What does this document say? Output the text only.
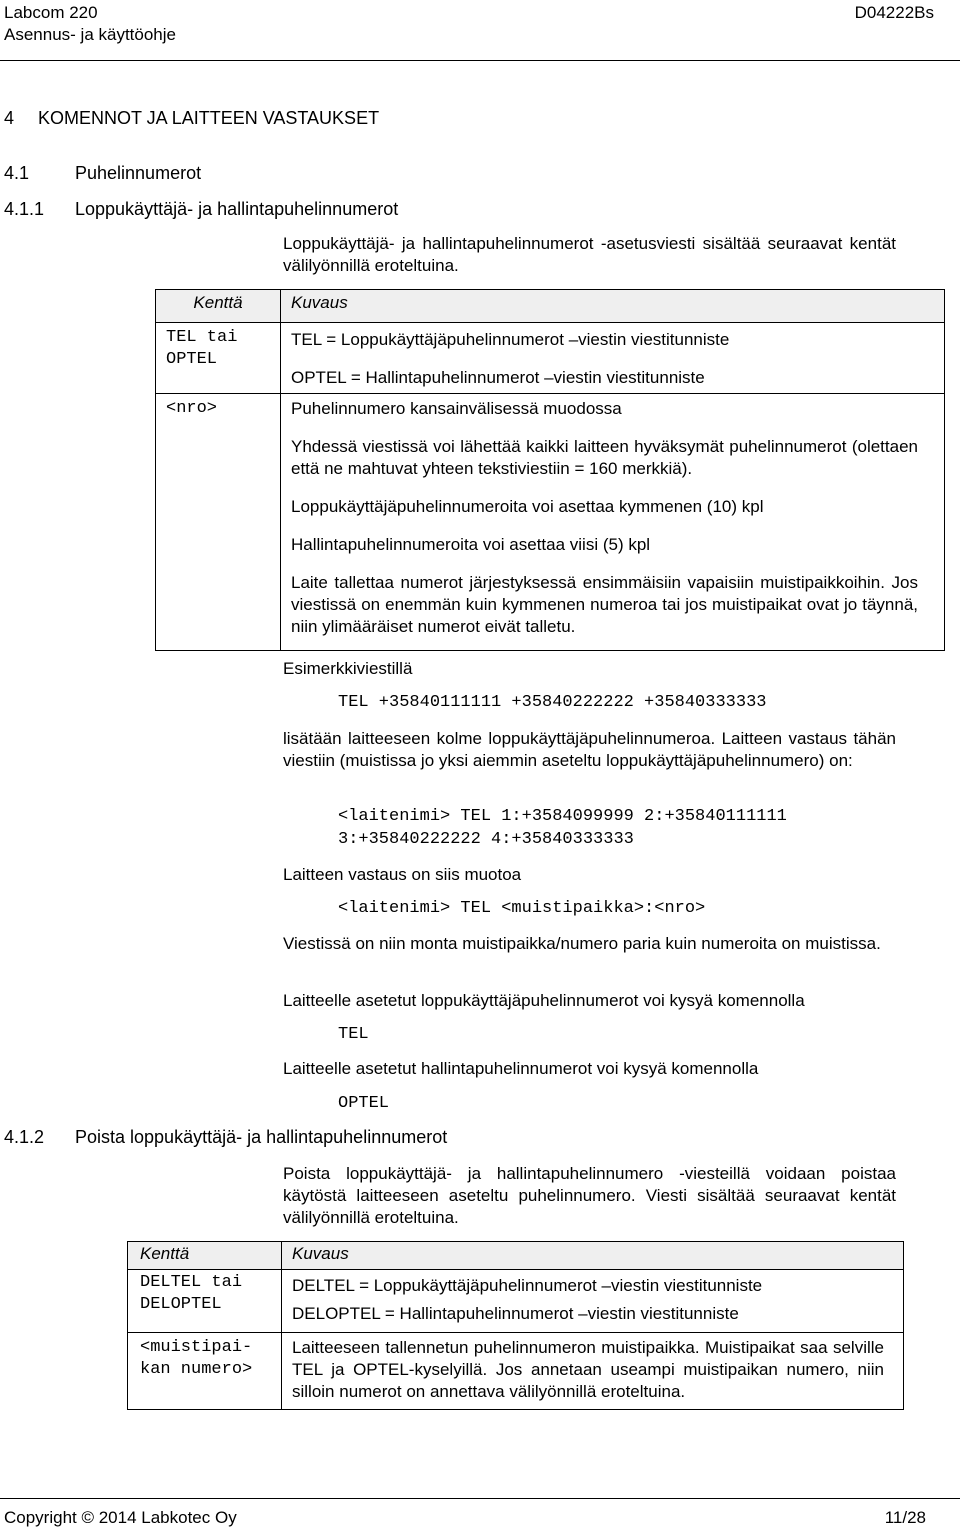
Labcom 220
Asennus- ja käyttöohje
D04222Bs
4 KOMENNOT JA LAITTEEN VASTAUKSET
4.1	Puhelinnumerot
4.1.1 Loppukäyttäjä- ja hallintapuhelinnumerot
Loppukäyttäjä- ja hallintapuhelinnumerot -asetusviesti sisältää seuraavat kentät välilyönnillä eroteltuina.
Kenttä	Kuvaus

TEL tai
OPTEL	TEL = Loppukäyttäjäpuhelinnumerot –viestin viestitunniste
OPTEL = Hallintapuhelinnumerot –viestin viestitunniste

<nro>	Puhelinnumero kansainvälisessä muodossa
Yhdessä viestissä voi lähettää kaikki laitteen hyväksymät puhelinnumerot (olettaen että ne mahtuvat yhteen tekstiviestiin = 160 merkkiä).
Loppukäyttäjäpuhelinnumeroita voi asettaa kymmenen (10) kpl
Hallintapuhelinnumeroita voi asettaa viisi (5) kpl
Laite tallettaa numerot järjestyksessä ensimmäisiin vapaisiin muistipaikkoihin. Jos viestissä on enemmän kuin kymmenen numeroa tai jos muistipaikat ovat jo täynnä, niin ylimääräiset numerot eivät talletu.
Esimerkkiviestillä
TEL +35840111111 +35840222222 +35840333333
lisätään laitteeseen kolme loppukäyttäjäpuhelinnumeroa. Laitteen vastaus tähän viestiin (muistissa jo yksi aiemmin aseteltu loppukäyttäjäpuhelinnumero) on:
<laitenimi> TEL 1:+3584099999 2:+35840111111
3:+35840222222 4:+35840333333
Laitteen vastaus on siis muotoa
<laitenimi> TEL <muistipaikka>:<nro>
Viestissä on niin monta muistipaikka/numero paria kuin numeroita on muistissa.
Laitteelle asetetut loppukäyttäjäpuhelinnumerot voi kysyä komennolla
TEL
Laitteelle asetetut hallintapuhelinnumerot voi kysyä komennolla
OPTEL
4.1.2 Poista loppukäyttäjä- ja hallintapuhelinnumerot
Poista loppukäyttäjä- ja hallintapuhelinnumero -viesteillä voidaan poistaa käytöstä laitteeseen aseteltu puhelinnumero. Viesti sisältää seuraavat kentät välilyönnillä eroteltuina.
Kenttä	Kuvaus

DELTEL tai
DELOPTEL	DELTEL = Loppukäyttäjäpuhelinnumerot –viestin viestitunniste
DELOPTEL = Hallintapuhelinnumerot –viestin viestitunniste

<muistipai-
kan numero>	Laitteeseen tallennetun puhelinnumeron muistipaikka. Muistipaikat saa selville TEL ja OPTEL-kyselyillä. Jos annetaan useampi muistipaikan numero, niin silloin numerot on annettava välilyönnillä eroteltuina.
Copyright © 2014 Labkotec Oy	11/28
